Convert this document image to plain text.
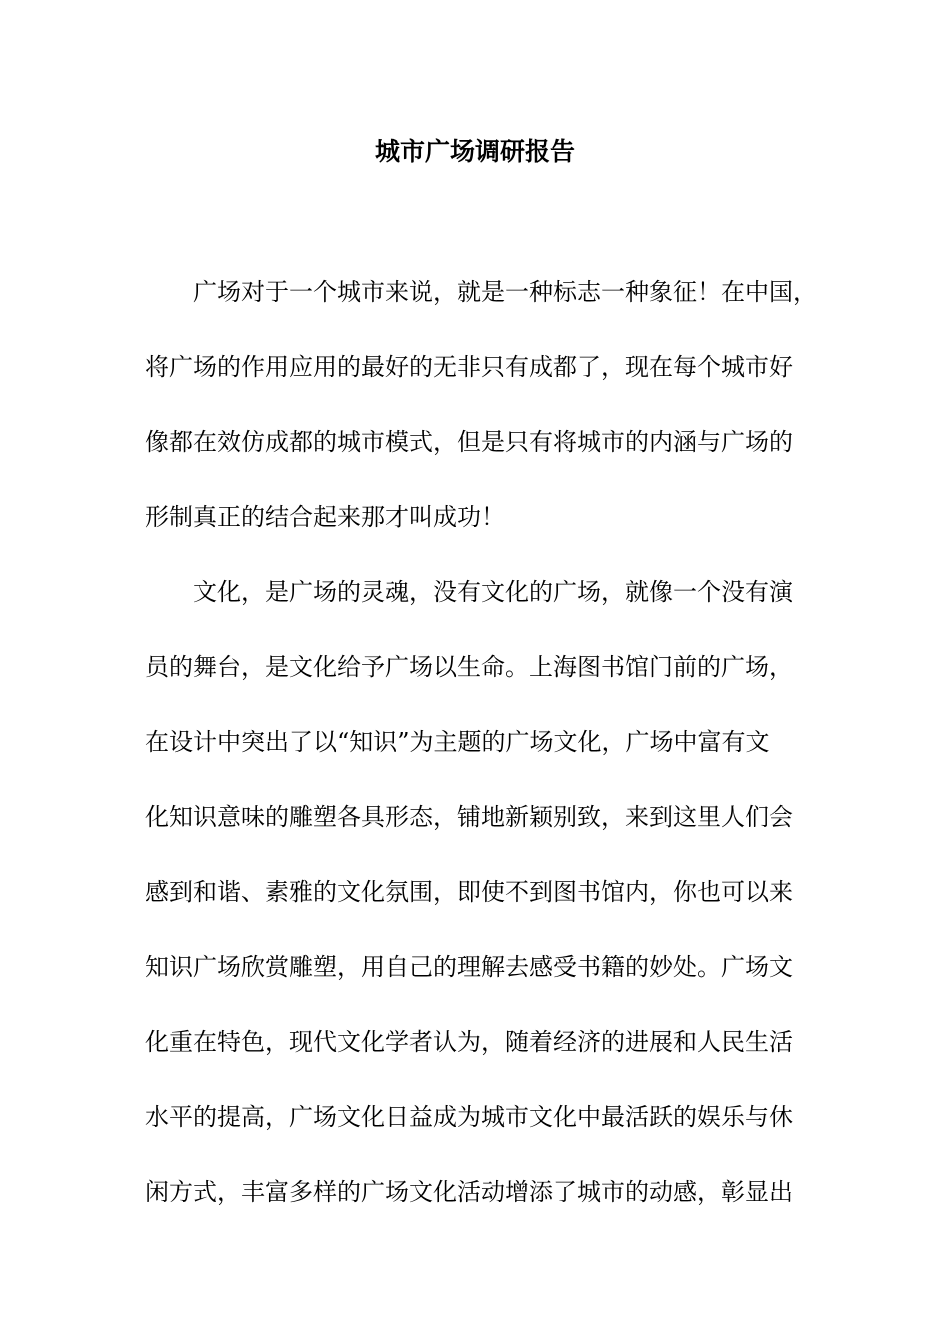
城市广场调研报告
广场对于一个城市来说，就是一种标志一种象征！在中国，
将广场的作用应用的最好的无非只有成都了，现在每个城市好
像都在效仿成都的城市模式，但是只有将城市的内涵与广场的
形制真正的结合起来那才叫成功！
文化，是广场的灵魂，没有文化的广场，就像一个没有演
员的舞台，是文化给予广场以生命。上海图书馆门前的广场，
在设计中突出了以“知识”为主题的广场文化，广场中富有文
化知识意味的雕塑各具形态，铺地新颖别致，来到这里人们会
感到和谐、素雅的文化氛围，即使不到图书馆内，你也可以来
知识广场欣赏雕塑，用自己的理解去感受书籍的妙处。广场文
化重在特色，现代文化学者认为，随着经济的进展和人民生活
水平的提高，广场文化日益成为城市文化中最活跃的娱乐与休
闲方式，丰富多样的广场文化活动增添了城市的动感，彰显出
